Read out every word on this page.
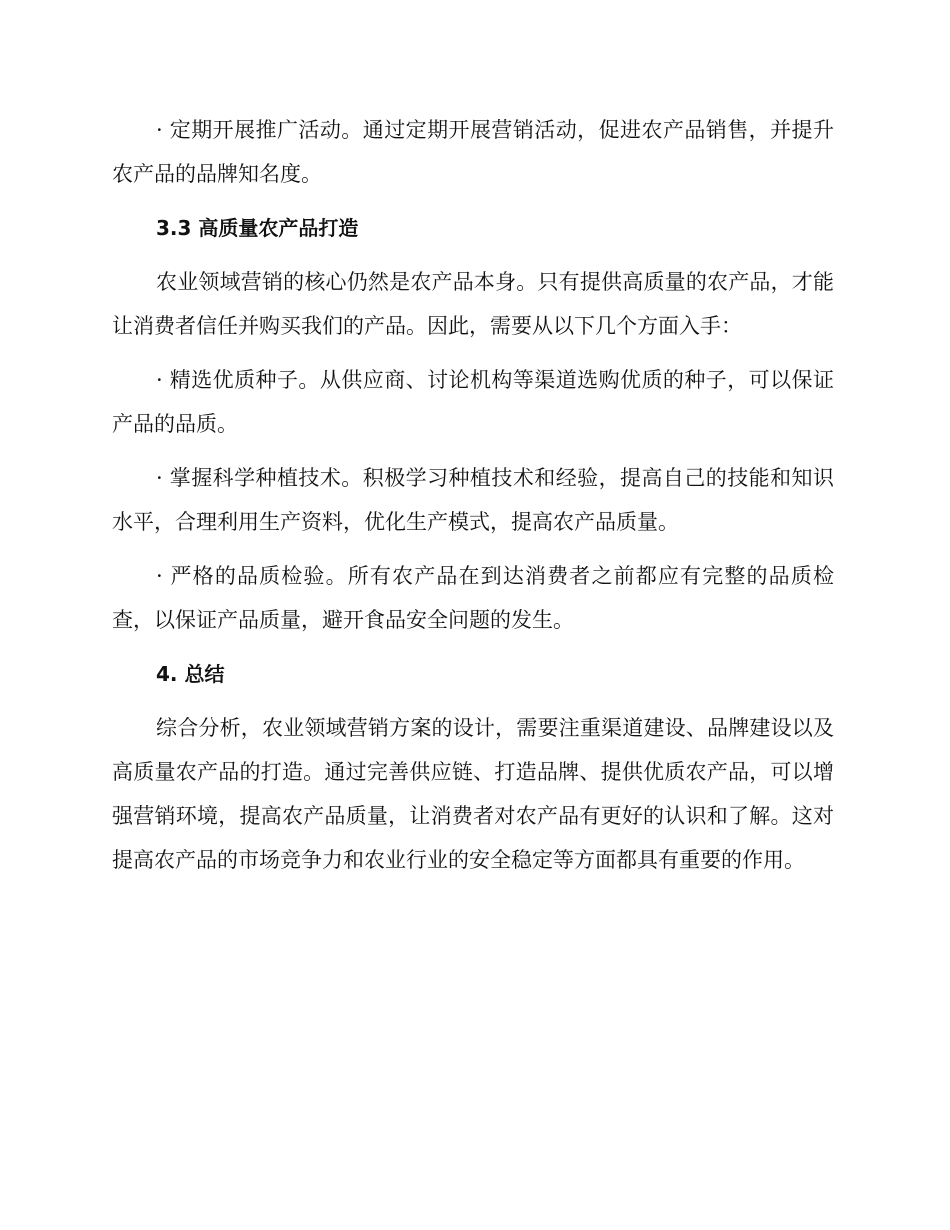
· 定期开展推广活动。通过定期开展营销活动，促进农产品销售，并提升农产品的品牌知名度。

3.3 高质量农产品打造

农业领域营销的核心仍然是农产品本身。只有提供高质量的农产品，才能让消费者信任并购买我们的产品。因此，需要从以下几个方面入手：

· 精选优质种子。从供应商、讨论机构等渠道选购优质的种子，可以保证产品的品质。

· 掌握科学种植技术。积极学习种植技术和经验，提高自己的技能和知识水平，合理利用生产资料，优化生产模式，提高农产品质量。

· 严格的品质检验。所有农产品在到达消费者之前都应有完整的品质检查，以保证产品质量，避开食品安全问题的发生。

4. 总结

综合分析，农业领域营销方案的设计，需要注重渠道建设、品牌建设以及高质量农产品的打造。通过完善供应链、打造品牌、提供优质农产品，可以增强营销环境，提高农产品质量，让消费者对农产品有更好的认识和了解。这对提高农产品的市场竞争力和农业行业的安全稳定等方面都具有重要的作用。
